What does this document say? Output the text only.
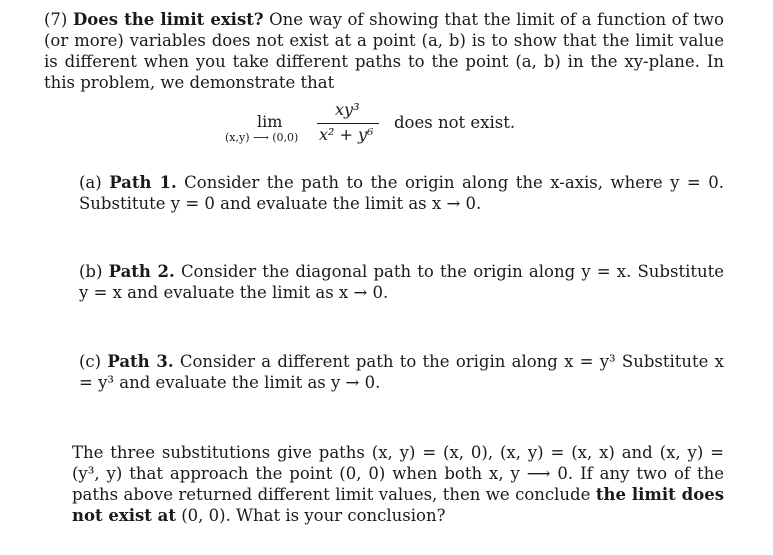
(7) Does the limit exist? One way of showing that the limit of a function of two (or more) variables does not exist at a point (a, b) is to show that the limit value is different when you take different paths to the point (a, b) in the xy-plane. In this problem, we demonstrate that
lim
(x,y) ⟶ (0,0)
xy³
x² + y⁶
does not exist.
(a) Path 1. Consider the path to the origin along the x-axis, where y = 0. Substitute y = 0 and evaluate the limit as x → 0.
(b) Path 2. Consider the diagonal path to the origin along y = x. Substitute y = x and evaluate the limit as x → 0.
(c) Path 3. Consider a different path to the origin along x = y³ Substitute x = y³ and evaluate the limit as y → 0.
The three substitutions give paths (x, y) = (x, 0), (x, y) = (x, x) and (x, y) = (y³, y) that approach the point (0, 0) when both x, y ⟶ 0. If any two of the paths above returned different limit values, then we conclude the limit does not exist at (0, 0). What is your conclusion?
